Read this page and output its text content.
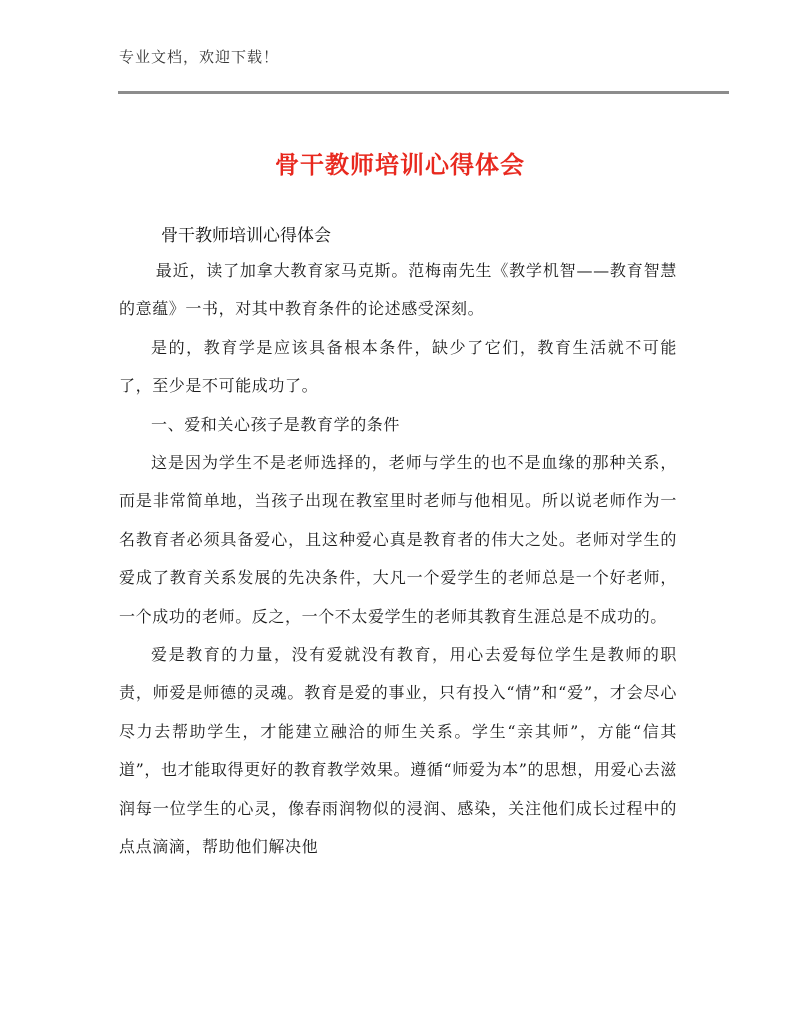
专业文档，欢迎下载！
骨干教师培训心得体会
骨干教师培训心得体会

最近，读了加拿大教育家马克斯。范梅南先生《教学机智——教育智慧的意蕴》一书，对其中教育条件的论述感受深刻。

是的，教育学是应该具备根本条件，缺少了它们，教育生活就不可能了，至少是不可能成功了。

一、爱和关心孩子是教育学的条件

这是因为学生不是老师选择的，老师与学生的也不是血缘的那种关系，而是非常简单地，当孩子出现在教室里时老师与他相见。所以说老师作为一名教育者必须具备爱心，且这种爱心真是教育者的伟大之处。老师对学生的爱成了教育关系发展的先决条件，大凡一个爱学生的老师总是一个好老师，一个成功的老师。反之，一个不太爱学生的老师其教育生涯总是不成功的。

爱是教育的力量，没有爱就没有教育，用心去爱每位学生是教师的职责，师爱是师德的灵魂。教育是爱的事业，只有投入“情”和“爱”，才会尽心尽力去帮助学生，才能建立融洽的师生关系。学生“亲其师”，方能“信其道”，也才能取得更好的教育教学效果。遵循“师爱为本”的思想，用爱心去滋润每一位学生的心灵，像春雨润物似的浸润、感染，关注他们成长过程中的点点滴滴，帮助他们解决他
